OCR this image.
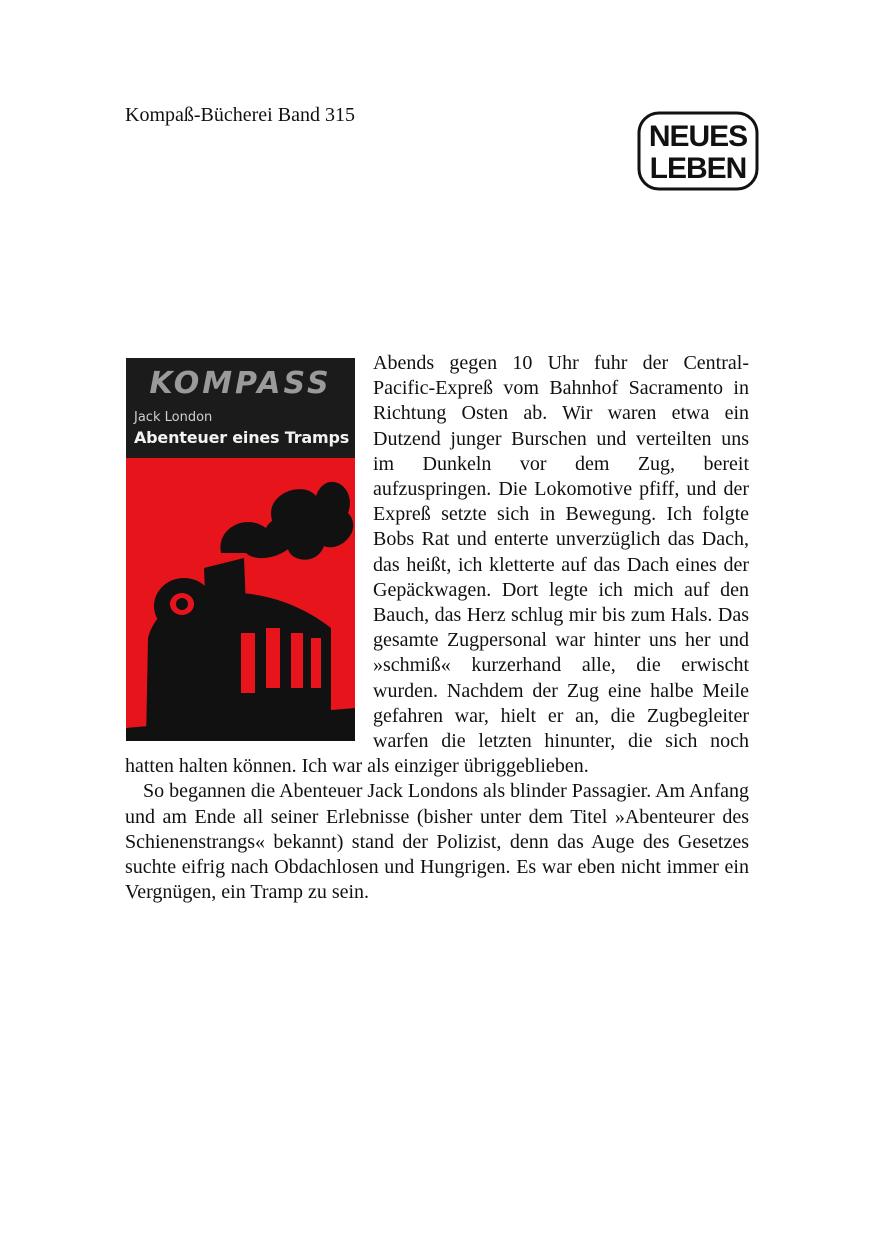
Kompaß-Bücherei Band 315
NEUES
LEBEN
KOMPASS
Jack London
Abenteuer eines Tramps

Abends gegen 10 Uhr fuhr der Central-Pacific-Expreß vom Bahnhof Sacramento in Richtung Osten ab. Wir waren etwa ein Dutzend junger Burschen und verteilten uns im Dunkeln vor dem Zug, bereit aufzuspringen. Die Lokomotive pfiff, und der Expreß setzte sich in Bewegung. Ich folgte Bobs Rat und enterte unverzüglich das Dach, das heißt, ich kletterte auf das Dach eines der Gepäckwagen. Dort legte ich mich auf den Bauch, das Herz schlug mir bis zum Hals. Das gesamte Zugpersonal war hinter uns her und »schmiß« kurzerhand alle, die erwischt wurden. Nachdem der Zug eine halbe Meile gefahren war, hielt er an, die Zugbegleiter warfen die letzten hinunter, die sich noch hatten halten können. Ich war als einziger übriggeblieben.

So begannen die Abenteuer Jack Londons als blinder Passagier. Am Anfang und am Ende all seiner Erlebnisse (bisher unter dem Titel »Abenteurer des Schienenstrangs« bekannt) stand der Polizist, denn das Auge des Gesetzes suchte eifrig nach Obdachlosen und Hungrigen. Es war eben nicht immer ein Vergnügen, ein Tramp zu sein.
